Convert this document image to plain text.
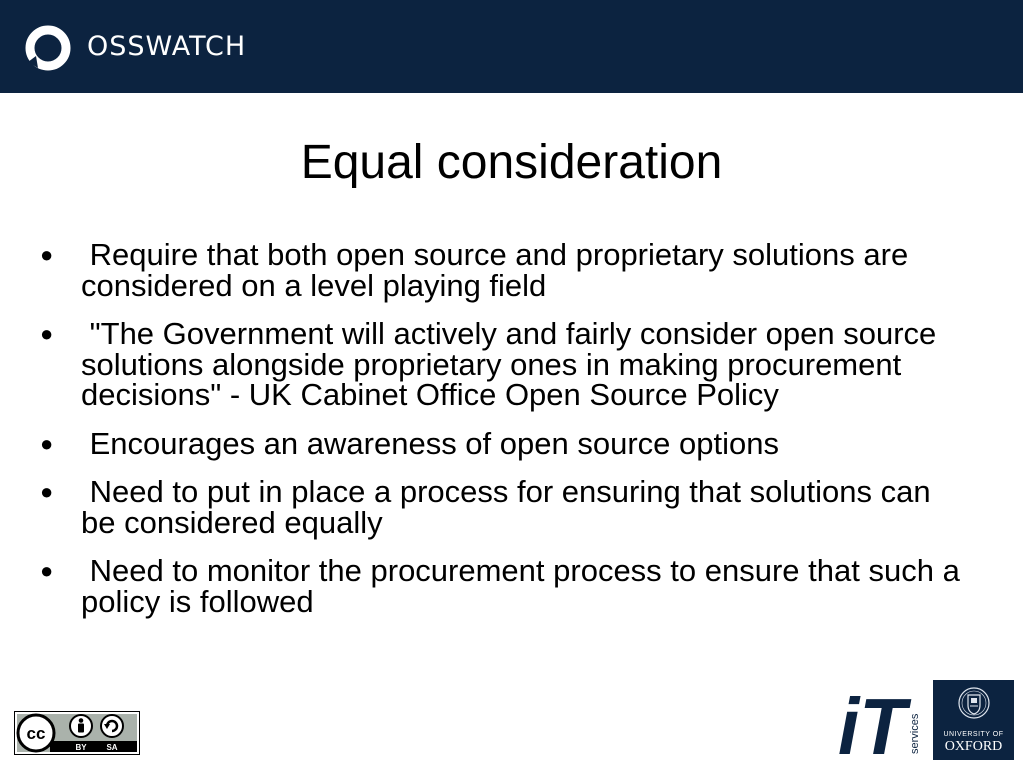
OSSWATCH
Equal consideration
● Require that both open source and proprietary solutions are considered on a level playing field
● "The Government will actively and fairly consider open source solutions alongside proprietary ones in making procurement decisions" - UK Cabinet Office Open Source Policy
● Encourages an awareness of open source options
● Need to put in place a process for ensuring that solutions can be considered equally
● Need to monitor the procurement process to ensure that such a policy is followed
cc
BY SA	iT
services	UNIVERSITY OF
OXFORD
